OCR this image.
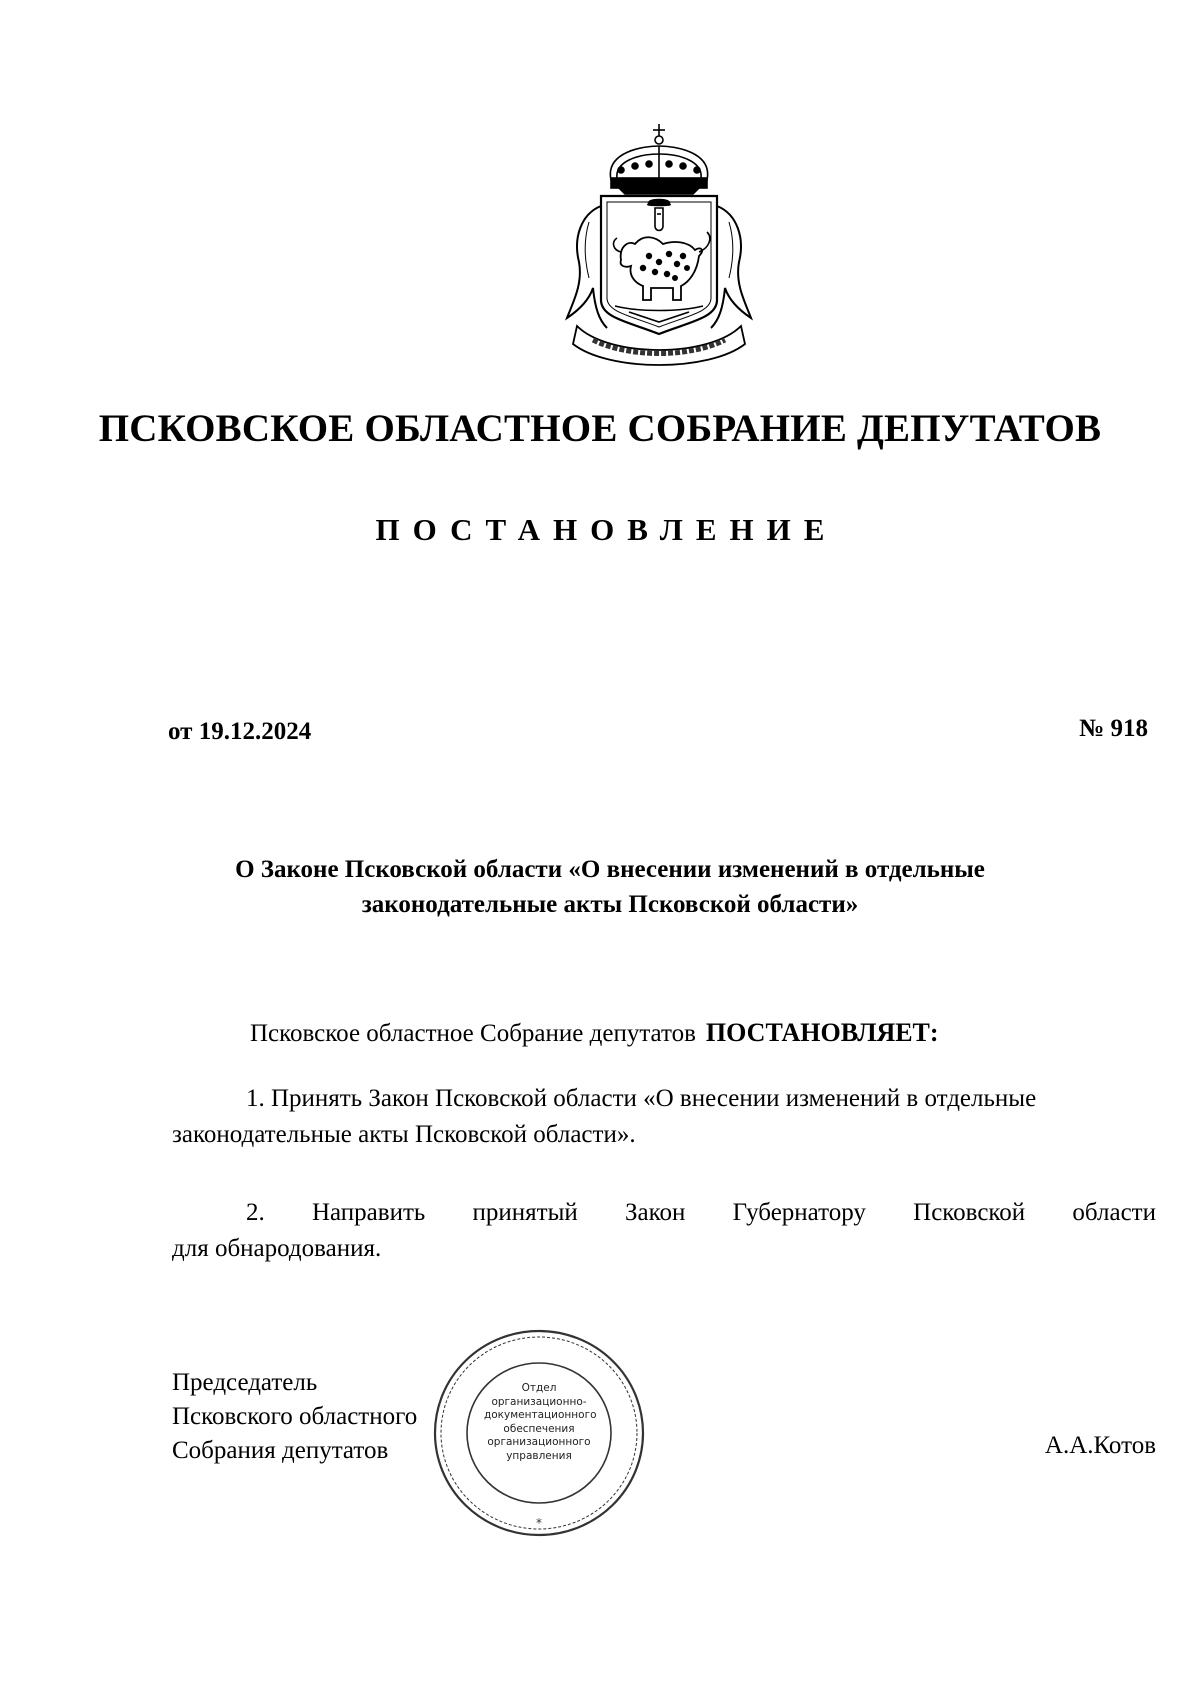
ПСКОВСКОЕ ОБЛАСТНОЕ СОБРАНИЕ ДЕПУТАТОВ
ПОСТАНОВЛЕНИЕ
от 19.12.2024	№ 918
О Законе Псковской области «О внесении изменений в отдельные
законодательные акты Псковской области»
Псковское областное Собрание депутатов ПОСТАНОВЛЯЕТ:
1. Принять Закон Псковской области «О внесении изменений в отдельные
законодательные акты Псковской области».
2. Направить принятый Закон Губернатору Псковской области
для обнародования.
Председатель
Псковского областного
Собрания депутатов	А.А.Котов
*
Отдел
организационно-
документационного
обеспечения
организационного
управления
